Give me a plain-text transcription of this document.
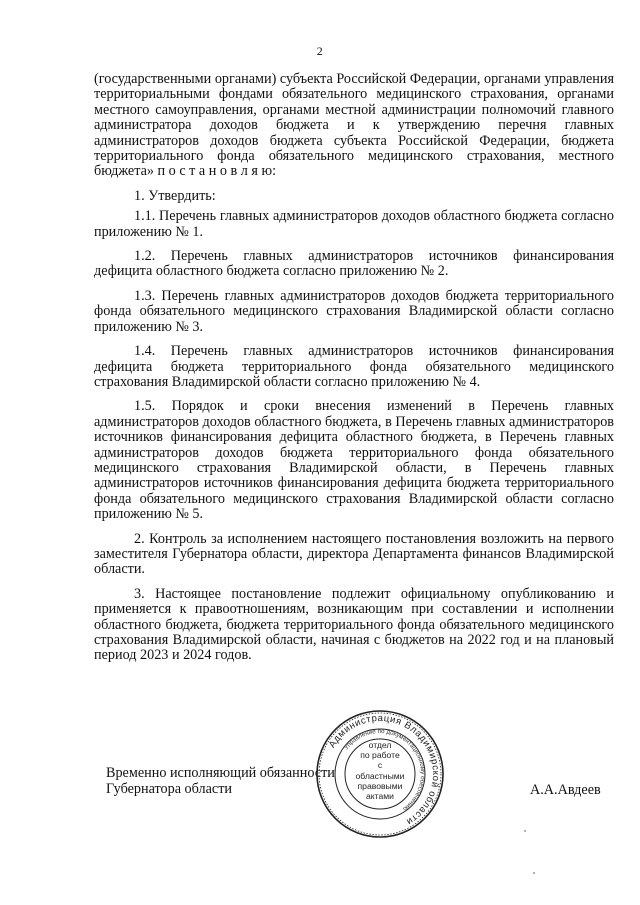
2

(государственными органами) субъекта Российской Федерации, органами управления территориальными фондами обязательного медицинского страхования, органами местного самоуправления, органами местной администрации полномочий главного администратора доходов бюджета и к утверждению перечня главных администраторов доходов бюджета субъекта Российской Федерации, бюджета территориального фонда обязательного медицинского страхования, местного бюджета» п о с т а н о в л я ю:

1. Утвердить:

1.1. Перечень главных администраторов доходов областного бюджета согласно приложению № 1.

1.2. Перечень главных администраторов источников финансирования дефицита областного бюджета согласно приложению № 2.

1.3. Перечень главных администраторов доходов бюджета территориального фонда обязательного медицинского страхования Владимирской области согласно приложению № 3.

1.4. Перечень главных администраторов источников финансирования дефицита бюджета территориального фонда обязательного медицинского страхования Владимирской области согласно приложению № 4.

1.5. Порядок и сроки внесения изменений в Перечень главных администраторов доходов областного бюджета, в Перечень главных администраторов источников финансирования дефицита областного бюджета, в Перечень главных администраторов доходов бюджета территориального фонда обязательного медицинского страхования Владимирской области, в Перечень главных администраторов источников финансирования дефицита бюджета территориального фонда обязательного медицинского страхования Владимирской области согласно приложению № 5.

2. Контроль за исполнением настоящего постановления возложить на первого заместителя Губернатора области, директора Департамента финансов Владимирской области.

3. Настоящее постановление подлежит официальному опубликованию и применяется к правоотношениям, возникающим при составлении и исполнении областного бюджета, бюджета территориального фонда обязательного медицинского страхования Владимирской области, начиная с бюджетов на 2022 год и на плановый период 2023 и 2024 годов.

Временно исполняющий обязанности
Губернатора области
Администрация Владимирской области
Управление по документационному обеспечению
отдел
по работе
с областными
правовыми
актами	А.А.Авдеев
